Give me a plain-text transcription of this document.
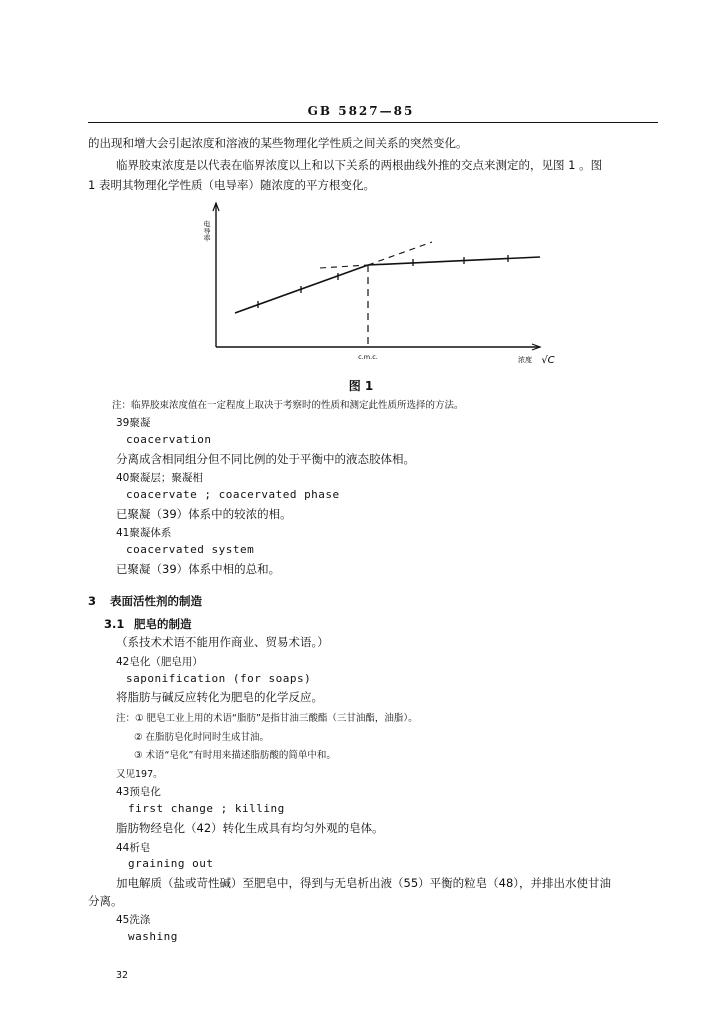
GB 5827—85
的出现和增大会引起浓度和溶液的某些物理化学性质之间关系的突然变化。
临界胶束浓度是以代表在临界浓度以上和以下关系的两根曲线外推的交点来测定的，见图 1 。图
1 表明其物理化学性质（电导率）随浓度的平方根变化。
电导率
c.m.c.	浓度 √C
图 1
注：临界胶束浓度值在一定程度上取决于考察时的性质和测定此性质所选择的方法。
39聚凝
coacervation
分离成含相同组分但不同比例的处于平衡中的液态胶体相。
40聚凝层；聚凝相
coacervate ; coacervated phase
已聚凝（39）体系中的较浓的相。
41聚凝体系
coacervated system
已聚凝（39）体系中相的总和。
3 表面活性剂的制造
3.1 肥皂的制造
（系技术术语不能用作商业、贸易术语。）
42皂化（肥皂用）
saponification (for soaps)
将脂肪与碱反应转化为肥皂的化学反应。
注：① 肥皂工业上用的术语“脂肪”是指甘油三酸酯（三甘油酯，油脂）。
② 在脂肪皂化时同时生成甘油。
③ 术语“皂化”有时用来描述脂肪酸的简单中和。
又见197。
43预皂化
first change ; killing
脂肪物经皂化（42）转化生成具有均匀外观的皂体。
44析皂
graining out
加电解质（盐或苛性碱）至肥皂中，得到与无皂析出液（55）平衡的粒皂（48），并排出水使甘油
分离。
45洗涤
washing
32
